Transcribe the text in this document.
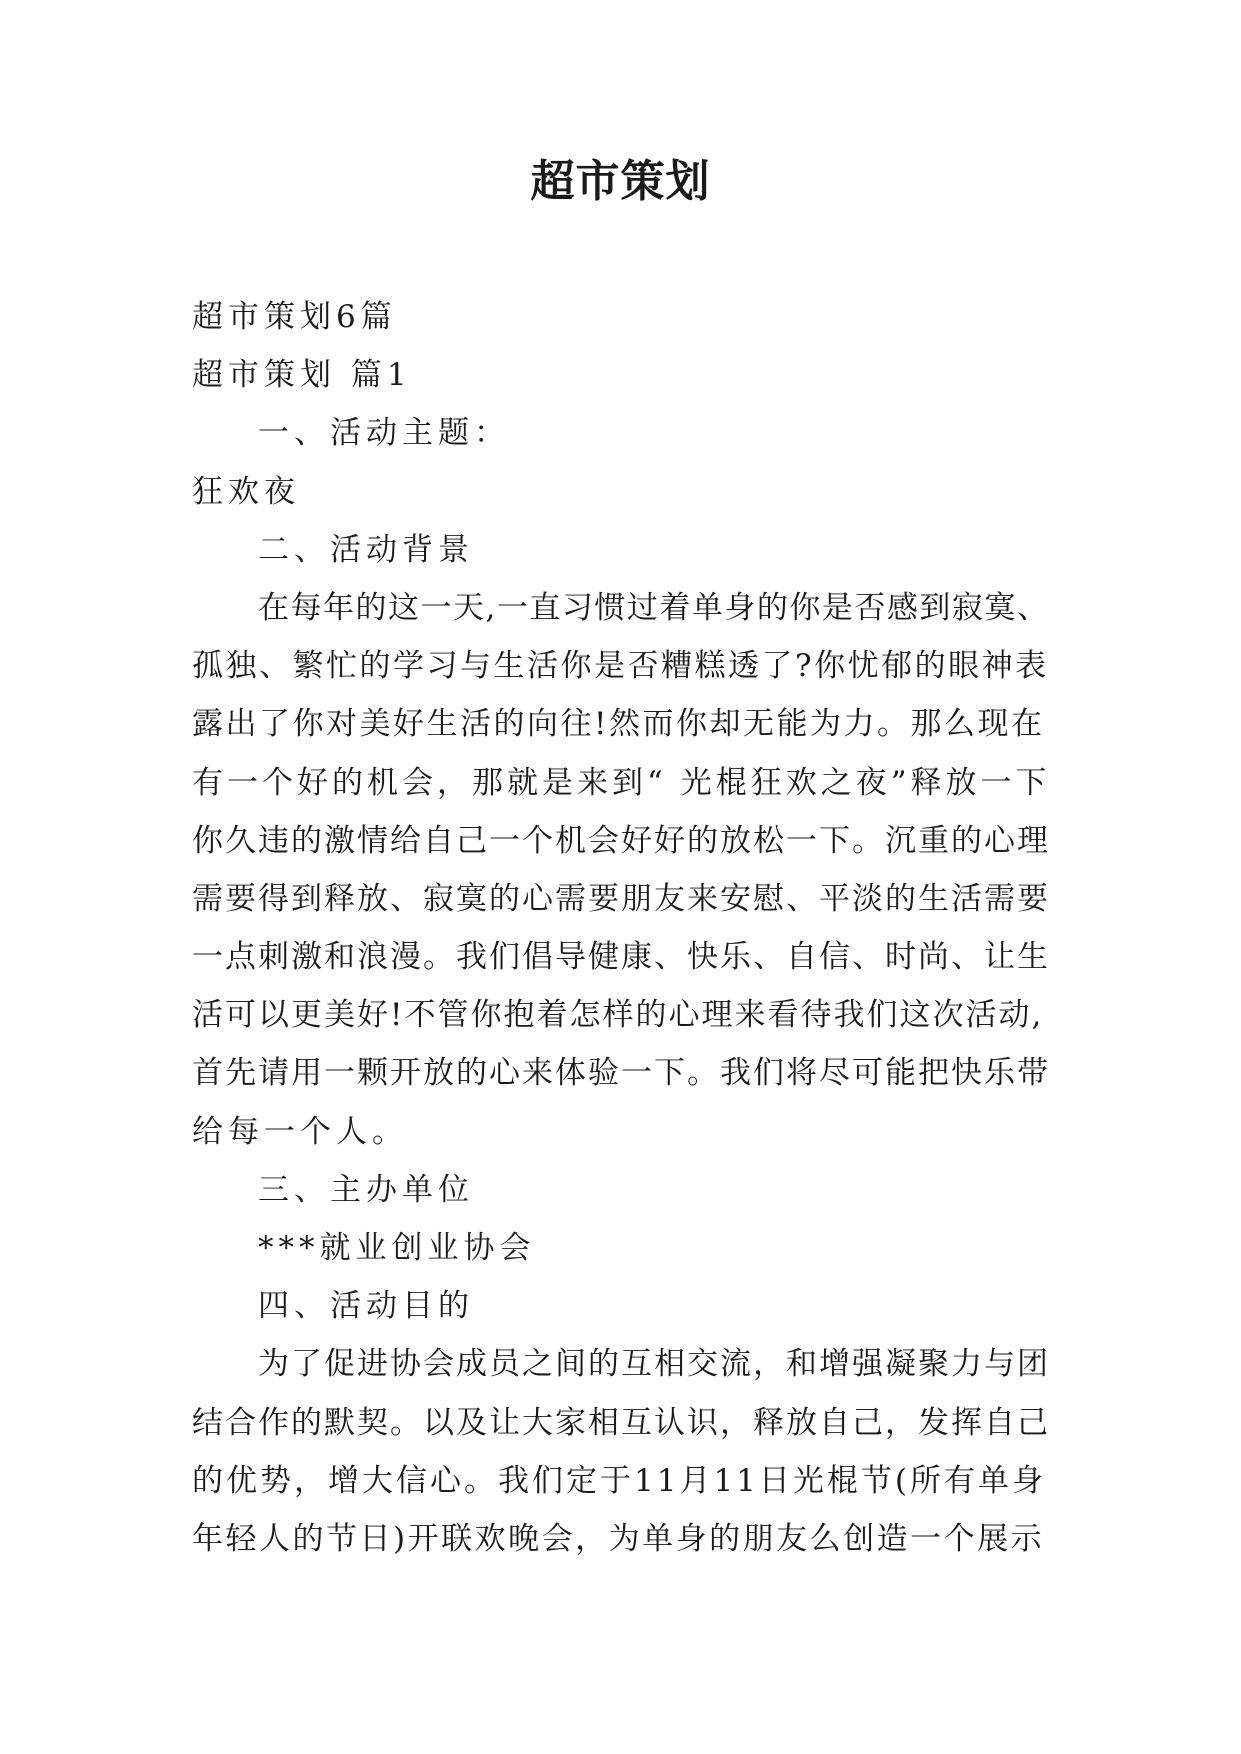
超市策划
超市策划6篇
超市策划 篇1
一、活动主题：
狂欢夜
二、活动背景
在每年的这一天,一直习惯过着单身的你是否感到寂寞、
孤独、繁忙的学习与生活你是否糟糕透了?你忧郁的眼神表
露出了你对美好生活的向往!然而你却无能为力。那么现在
有一个好的机会，那就是来到“ 光棍狂欢之夜”释放一下
你久违的激情给自己一个机会好好的放松一下。沉重的心理
需要得到释放、寂寞的心需要朋友来安慰、平淡的生活需要
一点刺激和浪漫。我们倡导健康、快乐、自信、时尚、让生
活可以更美好!不管你抱着怎样的心理来看待我们这次活动,
首先请用一颗开放的心来体验一下。我们将尽可能把快乐带
给每一个人。
三、主办单位
***就业创业协会
四、活动目的
为了促进协会成员之间的互相交流，和增强凝聚力与团
结合作的默契。以及让大家相互认识，释放自己，发挥自己
的优势，增大信心。我们定于11月11日光棍节(所有单身
年轻人的节日)开联欢晚会，为单身的朋友么创造一个展示
